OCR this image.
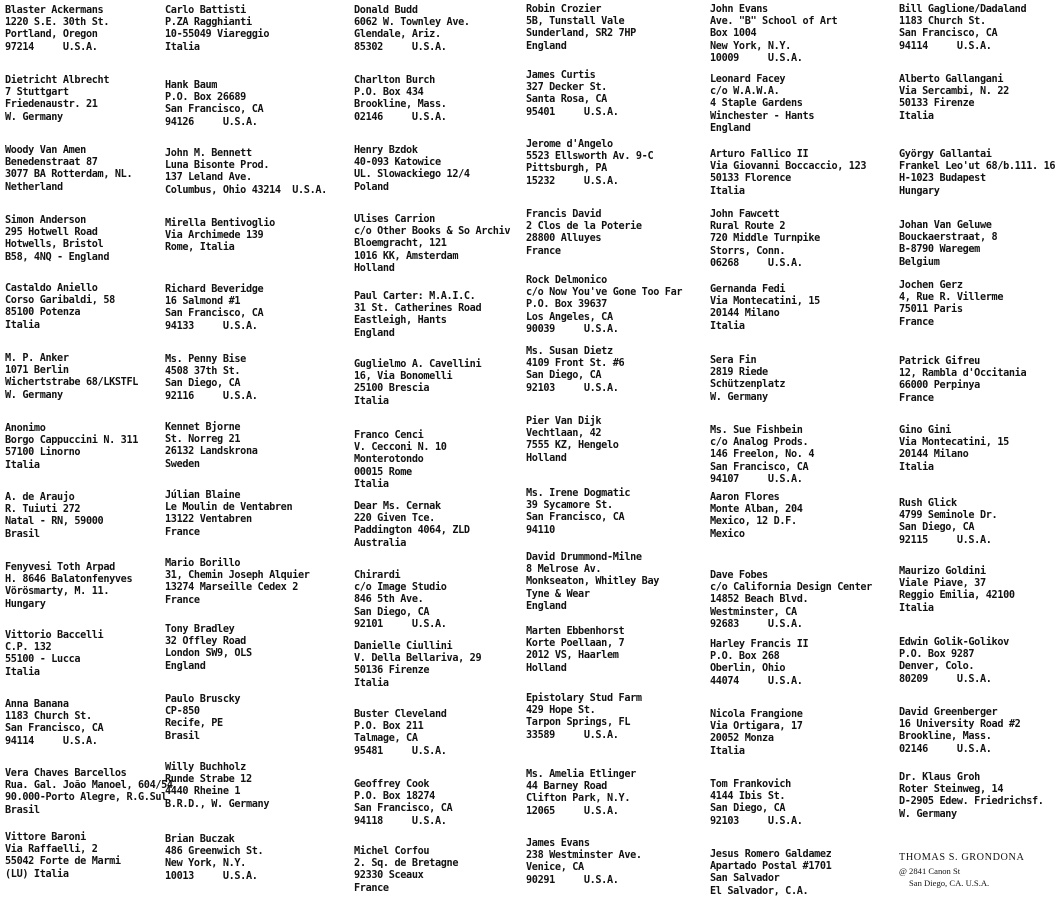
Blaster Ackermans
1220 S.E. 30th St.
Portland, Oregon
97214     U.S.A.
Dietricht Albrecht
7 Stuttgart
Friedenaustr. 21
W. Germany
Woody Van Amen
Benedenstraat 87
3077 BA Rotterdam, NL.
Netherland
Simon Anderson
295 Hotwell Road
Hotwells, Bristol
B58, 4NQ - England
Castaldo Aniello
Corso Garibaldi, 58
85100 Potenza
Italia
M. P. Anker
1071 Berlin
Wichertstrabe 68/LKSTFL
W. Germany
Anonimo
Borgo Cappuccini N. 311
57100 Linorno
Italia
A. de Araujo
R. Tuiuti 272
Natal - RN, 59000
Brasil
Fenyvesi Toth Arpad
H. 8646 Balatonfenyves
Vörösmarty, M. 11.
Hungary
Vittorio Baccelli
C.P. 132
55100 - Lucca
Italia
Anna Banana
1183 Church St.
San Francisco, CA
94114     U.S.A.
Vera Chaves Barcellos
Rua. Gal. João Manoel, 604/54
90.000-Porto Alegre, R.G.Sul
Brasil
Vittore Baroni
Via Raffaelli, 2
55042 Forte de Marmi
(LU) Italia
Carlo Battisti
P.ZA Ragghianti
10-55049 Viareggio
Italia
Hank Baum
P.O. Box 26689
San Francisco, CA
94126     U.S.A.
John M. Bennett
Luna Bisonte Prod.
137 Leland Ave.
Columbus, Ohio 43214  U.S.A.
Mirella Bentivoglio
Via Archimede 139
Rome, Italia
Richard Beveridge
16 Salmond #1
San Francisco, CA
94133     U.S.A.
Ms. Penny Bise
4508 37th St.
San Diego, CA
92116     U.S.A.
Kennet Bjorne
St. Norreg 21
26132 Landskrona
Sweden
Júlian Blaine
Le Moulin de Ventabren
13122 Ventabren
France
Mario Borillo
31, Chemin Joseph Alquier
13274 Marseille Cedex 2
France
Tony Bradley
32 Offley Road
London SW9, OLS
England
Paulo Bruscky
CP-850
Recife, PE
Brasil
Willy Buchholz
Runde Strabe 12
4440 Rheine 1
B.R.D., W. Germany
Brian Buczak
486 Greenwich St.
New York, N.Y.
10013     U.S.A.
Donald Budd
6062 W. Townley Ave.
Glendale, Ariz.
85302     U.S.A.
Charlton Burch
P.O. Box 434
Brookline, Mass.
02146     U.S.A.
Henry Bzdok
40-093 Katowice
UL. Slowackiego 12/4
Poland
Ulises Carrion
c/o Other Books & So Archiv
Bloemgracht, 121
1016 KK, Amsterdam
Holland
Paul Carter: M.A.I.C.
31 St. Catherines Road
Eastleigh, Hants
England
Guglielmo A. Cavellini
16, Via Bonomelli
25100 Brescia
Italia
Franco Cenci
V. Cecconi N. 10
Monterotondo
00015 Rome
Italia
Dear Ms. Cernak
220 Given Tce.
Paddington 4064, ZLD
Australia
Chirardi
c/o Image Studio
846 5th Ave.
San Diego, CA
92101     U.S.A.
Danielle Ciullini
V. Della Bellariva, 29
50136 Firenze
Italia
Buster Cleveland
P.O. Box 211
Talmage, CA
95481     U.S.A.
Geoffrey Cook
P.O. Box 18274
San Francisco, CA
94118     U.S.A.
Michel Corfou
2. Sq. de Bretagne
92330 Sceaux
France
Robin Crozier
5B, Tunstall Vale
Sunderland, SR2 7HP
England
James Curtis
327 Decker St.
Santa Rosa, CA
95401     U.S.A.
Jerome d'Angelo
5523 Ellsworth Av. 9-C
Pittsburgh, PA
15232     U.S.A.
Francis David
2 Clos de la Poterie
28800 Alluyes
France
Rock Delmonico
c/o Now You've Gone Too Far
P.O. Box 39637
Los Angeles, CA
90039     U.S.A.
Ms. Susan Dietz
4109 Front St. #6
San Diego, CA
92103     U.S.A.
Pier Van Dijk
Vechtlaan, 42
7555 KZ, Hengelo
Holland
Ms. Irene Dogmatic
39 Sycamore St.
San Francisco, CA
94110
David Drummond-Milne
8 Melrose Av.
Monkseaton, Whitley Bay
Tyne & Wear
England
Marten Ebbenhorst
Korte Poellaan, 7
2012 VS, Haarlem
Holland
Epistolary Stud Farm
429 Hope St.
Tarpon Springs, FL
33589     U.S.A.
Ms. Amelia Etlinger
44 Barney Road
Clifton Park, N.Y.
12065     U.S.A.
James Evans
238 Westminster Ave.
Venice, CA
90291     U.S.A.
John Evans
Ave. "B" School of Art
Box 1004
New York, N.Y.
10009     U.S.A.
Leonard Facey
c/o W.A.W.A.
4 Staple Gardens
Winchester - Hants
England
Arturo Fallico II
Via Giovanni Boccaccio, 123
50133 Florence
Italia
John Fawcett
Rural Route 2
720 Middle Turnpike
Storrs, Conn.
06268     U.S.A.
Gernanda Fedi
Via Montecatini, 15
20144 Milano
Italia
Sera Fin
2819 Riede
Schützenplatz
W. Germany
Ms. Sue Fishbein
c/o Analog Prods.
146 Freelon, No. 4
San Francisco, CA
94107     U.S.A.
Aaron Flores
Monte Alban, 204
Mexico, 12 D.F.
Mexico
Dave Fobes
c/o California Design Center
14852 Beach Blvd.
Westminster, CA
92683     U.S.A.
Harley Francis II
P.O. Box 268
Oberlin, Ohio
44074     U.S.A.
Nicola Frangione
Via Ortigara, 17
20052 Monza
Italia
Tom Frankovich
4144 Ibis St.
San Diego, CA
92103     U.S.A.
Jesus Romero Galdamez
Apartado Postal #1701
San Salvador
El Salvador, C.A.
Bill Gaglione/Dadaland
1183 Church St.
San Francisco, CA
94114     U.S.A.
Alberto Gallangani
Via Sercambi, N. 22
50133 Firenze
Italia
György Gallantai
Frankel Leo'ut 68/b.111. 16
H-1023 Budapest
Hungary
Johan Van Geluwe
Bouckaerstraat, 8
B-8790 Waregem
Belgium
Jochen Gerz
4, Rue R. Villerme
75011 Paris
France
Patrick Gifreu
12, Rambla d'Occitania
66000 Perpinya
France
Gino Gini
Via Montecatini, 15
20144 Milano
Italia
Rush Glick
4799 Seminole Dr.
San Diego, CA
92115     U.S.A.
Maurizo Goldini
Viale Piave, 37
Reggio Emilia, 42100
Italia
Edwin Golik-Golikov
P.O. Box 9287
Denver, Colo.
80209     U.S.A.
David Greenberger
16 University Road #2
Brookline, Mass.
02146     U.S.A.
Dr. Klaus Groh
Roter Steinweg, 14
D-2905 Edew. Friedrichsf.
W. Germany
THOMAS S. GRONDONA
@ 2841 Canon St
San Diego, CA. U.S.A.
